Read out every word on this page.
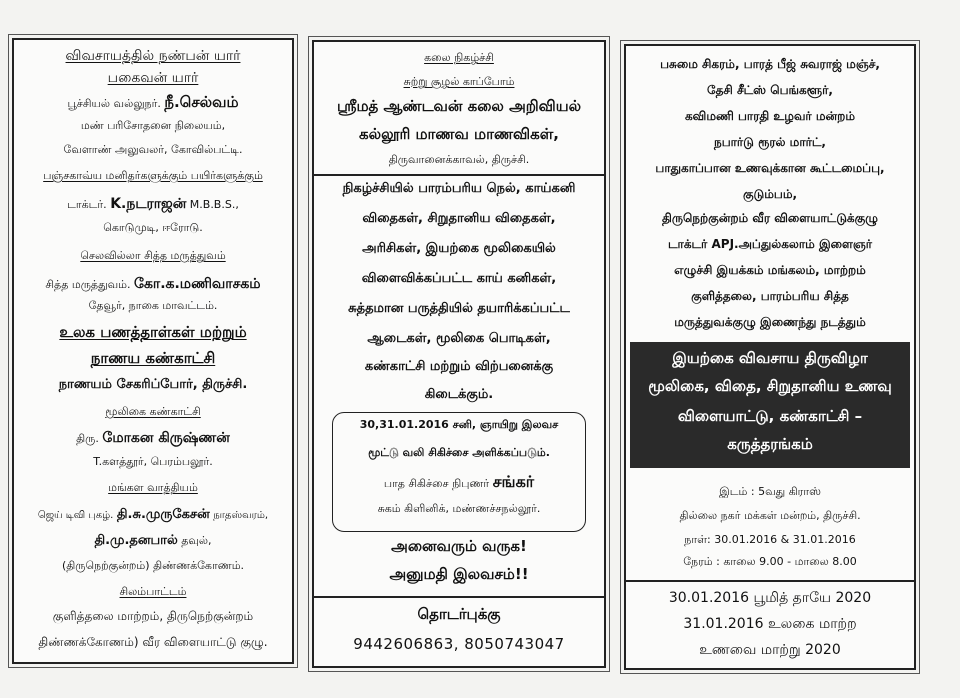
விவசாயத்தில் நண்பன் யார்
பகைவன் யார்
பூச்சியல் வல்லுநர். நீ.செல்வம்
மண் பரிசோதனை நிலையம்,
வேளாண் அலுவலர், கோவில்பட்டி.
பஞ்சகாவ்ய மனிதர்களுக்கும் பயிர்களுக்கும்
டாக்டர். K.நடராஜன் M.B.B.S.,
கொடுமுடி, ஈரோடு.
செலவில்லா சித்த மருத்துவம்
சித்த மருத்துவம். கோ.க.மணிவாசகம்
தேவூர், நாகை மாவட்டம்.
உலக பணத்தாள்கள் மற்றும்
நாணய கண்காட்சி
நாணயம் சேகரிப்போர், திருச்சி.
மூலிகை கண்காட்சி
திரு. மோகன கிருஷ்ணன்
T.களத்தூர், பெரம்பலூர்.
மங்கள வாத்தியம்
ஜெய் டிவி புகழ். தி.சு.முருகேசன் நாதஸ்வரம்,
தி.மு.தனபால் தவுல்,
(திருநெற்குன்றம்) திண்ணக்கோணம்.
சிலம்பாட்டம்
குளித்தலை மாற்றம், திருநெற்குன்றம்
திண்ணக்கோணம்) வீர விளையாட்டு குழு.
கலை நிகழ்ச்சி
சுற்று சூழல் காப்போம்
ஸ்ரீமத் ஆண்டவன் கலை அறிவியல்
கல்லூரி மாணவ மாணவிகள்,
திருவானைக்காவல், திருச்சி.
நிகழ்ச்சியில் பாரம்பரிய நெல், காய்கனி
விதைகள், சிறுதானிய விதைகள்,
அரிசிகள், இயற்கை மூலிகையில்
விளைவிக்கப்பட்ட காய் கனிகள்,
சுத்தமான பருத்தியில் தயாரிக்கப்பட்ட
ஆடைகள், மூலிகை பொடிகள்,
கண்காட்சி மற்றும் விற்பனைக்கு
கிடைக்கும்.
30,31.01.2016 சனி, ஞாயிறு இலவச
மூட்டு வலி சிகிச்சை அளிக்கப்படும்.
பாத சிகிச்சை நிபுணர் சங்கர்
சுகம் கிளினிக், மண்ணச்சநல்லூர்.
அனைவரும் வருக!
அனுமதி இலவசம்!!
தொடர்புக்கு
9442606863, 8050743047
பசுமை சிகரம், பாரத் பீஜ் சுவராஜ் மஞ்ச்,
தேசி சீட்ஸ் பெங்களூர்,
கவிமணி பாரதி உழவர் மன்றம்
நபார்டு ரூரல் மார்ட்,
பாதுகாப்பான உணவுக்கான கூட்டமைப்பு,
குடும்பம்,
திருநெற்குன்றம் வீர விளையாட்டுக்குழு
டாக்டர் APJ.அப்துல்கலாம் இளைஞர்
எழுச்சி இயக்கம் மங்கலம், மாற்றம்
குளித்தலை, பாரம்பரிய சித்த
மருத்துவக்குழு இணைந்து நடத்தும்
இயற்கை விவசாய திருவிழா
மூலிகை, விதை, சிறுதானிய உணவு
விளையாட்டு, கண்காட்சி –
கருத்தரங்கம்
இடம் : 5வது கிராஸ்
தில்லை நகர் மக்கள் மன்றம், திருச்சி.
நாள்: 30.01.2016 & 31.01.2016
நேரம் : காலை 9.00 - மாலை 8.00
30.01.2016 பூமித் தாயே 2020
31.01.2016 உலகை மாற்ற
உணவை மாற்று 2020
